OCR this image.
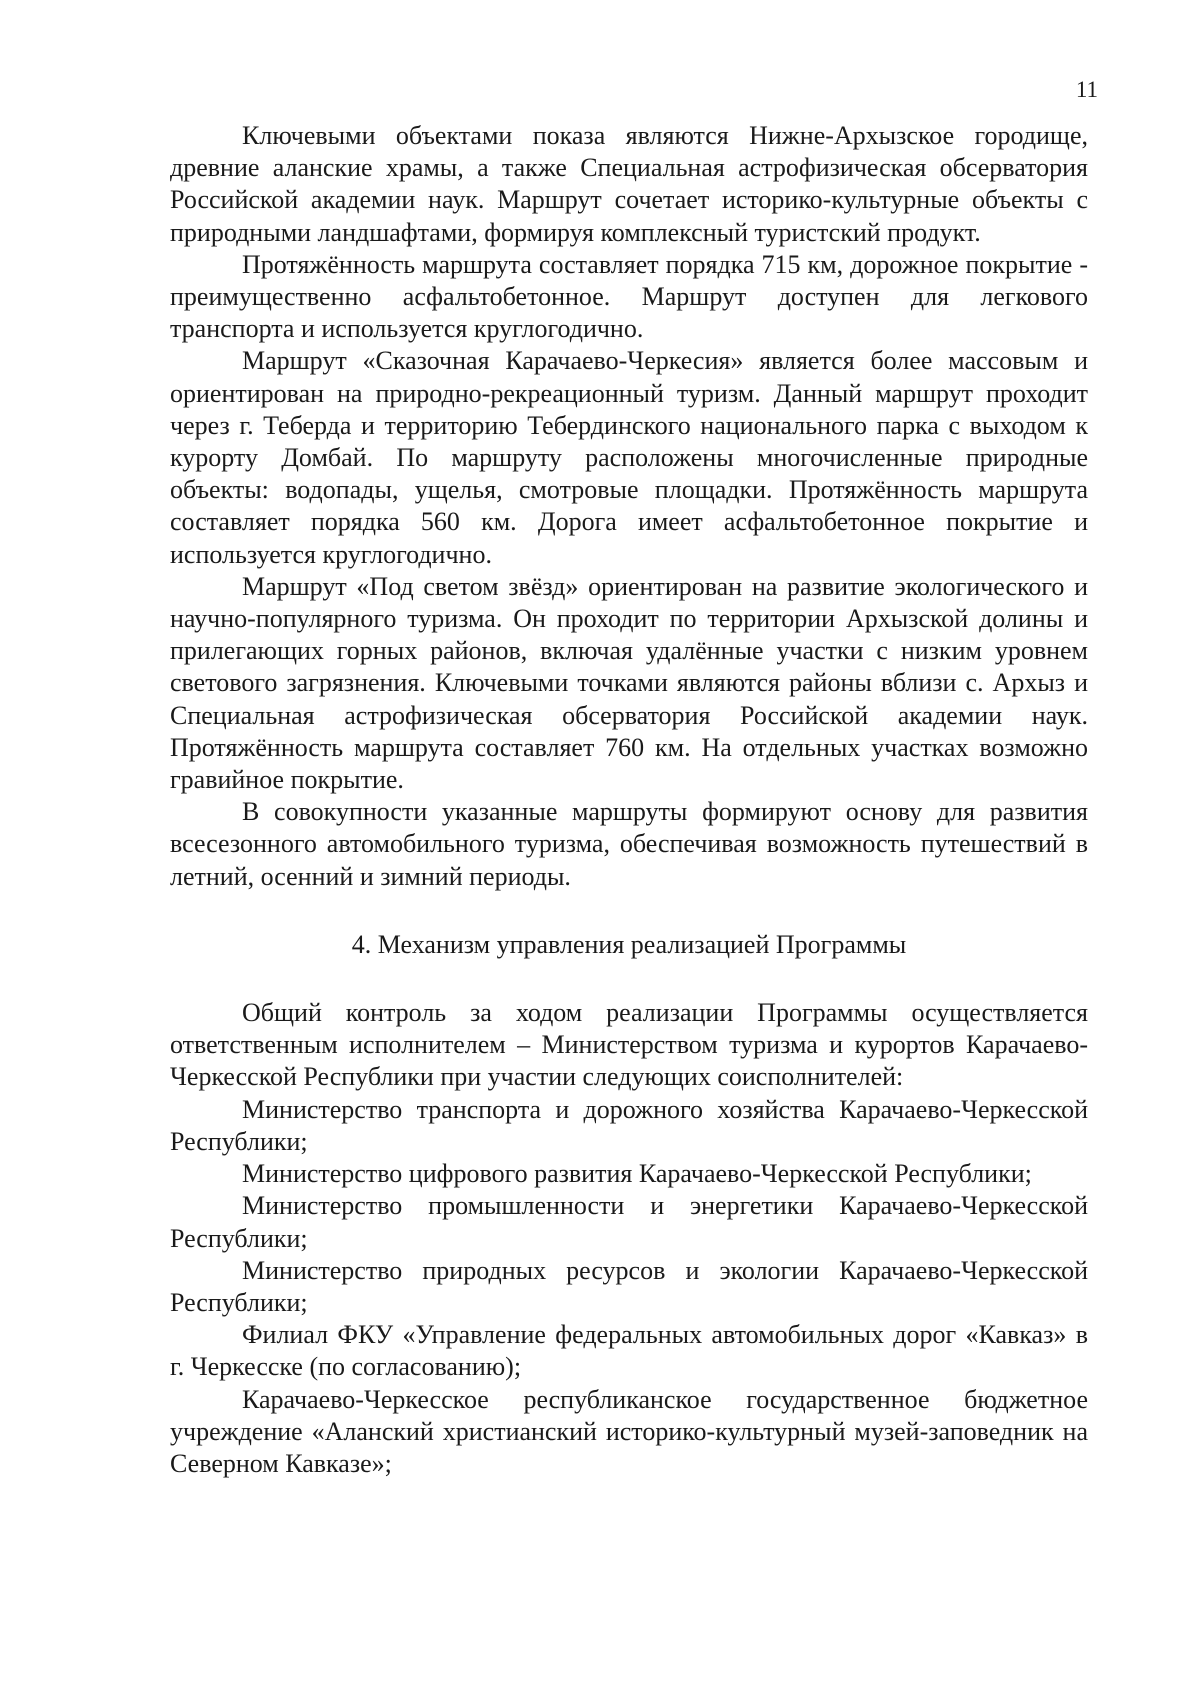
11

Ключевыми объектами показа являются Нижне-Архызское городище, древние аланские храмы, а также Специальная астрофизическая обсерватория Российской академии наук. Маршрут сочетает историко-культурные объекты с природными ландшафтами, формируя комплексный туристский продукт.

Протяжённость маршрута составляет порядка 715 км, дорожное покрытие - преимущественно асфальтобетонное. Маршрут доступен для легкового транспорта и используется круглогодично.

Маршрут «Сказочная Карачаево-Черкесия» является более массовым и ориентирован на природно-рекреационный туризм. Данный маршрут проходит через г. Теберда и территорию Тебердинского национального парка с выходом к курорту Домбай. По маршруту расположены многочисленные природные объекты: водопады, ущелья, смотровые площадки. Протяжённость маршрута составляет порядка 560 км. Дорога имеет асфальтобетонное покрытие и используется круглогодично.

Маршрут «Под светом звёзд» ориентирован на развитие экологического и научно-популярного туризма. Он проходит по территории Архызской долины и прилегающих горных районов, включая удалённые участки с низким уровнем светового загрязнения. Ключевыми точками являются районы вблизи с. Архыз и Специальная астрофизическая обсерватория Российской академии наук. Протяжённость маршрута составляет 760 км. На отдельных участках возможно гравийное покрытие.

В совокупности указанные маршруты формируют основу для развития всесезонного автомобильного туризма, обеспечивая возможность путешествий в летний, осенний и зимний периоды.

4. Механизм управления реализацией Программы

Общий контроль за ходом реализации Программы осуществляется ответственным исполнителем – Министерством туризма и курортов Карачаево-Черкесской Республики при участии следующих соисполнителей:

Министерство транспорта и дорожного хозяйства Карачаево-Черкесской Республики;

Министерство цифрового развития Карачаево-Черкесской Республики;

Министерство промышленности и энергетики Карачаево-Черкесской Республики;

Министерство природных ресурсов и экологии Карачаево-Черкесской Республики;

Филиал ФКУ «Управление федеральных автомобильных дорог «Кавказ» в г. Черкесске (по согласованию);

Карачаево-Черкесское республиканское государственное бюджетное учреждение «Аланский христианский историко-культурный музей-заповедник на Северном Кавказе»;
